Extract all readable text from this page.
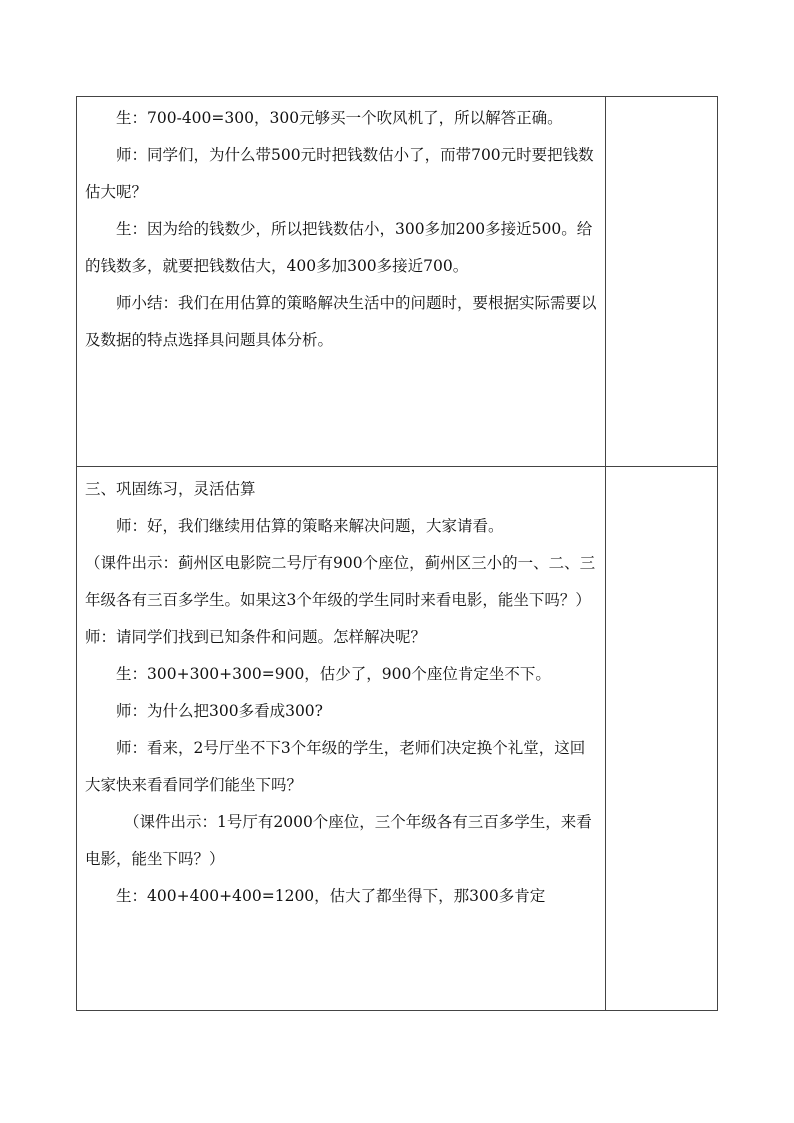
生：700-400=300，300元够买一个吹风机了，所以解答正确。

师：同学们，为什么带500元时把钱数估小了，而带700元时要把钱数估大呢？

生：因为给的钱数少，所以把钱数估小，300多加200多接近500。给的钱数多，就要把钱数估大，400多加300多接近700。

师小结：我们在用估算的策略解决生活中的问题时，要根据实际需要以及数据的特点选择具问题具体分析。

三、巩固练习，灵活估算

师：好，我们继续用估算的策略来解决问题，大家请看。

（课件出示：蓟州区电影院二号厅有900个座位，蓟州区三小的一、二、三年级各有三百多学生。如果这3个年级的学生同时来看电影，能坐下吗？）

师：请同学们找到已知条件和问题。怎样解决呢？

生：300+300+300=900，估少了，900个座位肯定坐不下。

师：为什么把300多看成300?

师：看来，2号厅坐不下3个年级的学生，老师们决定换个礼堂，这回大家快来看看同学们能坐下吗？

（课件出示：1号厅有2000个座位，三个年级各有三百多学生，来看电影，能坐下吗？）

生：400+400+400=1200，估大了都坐得下，那300多肯定
